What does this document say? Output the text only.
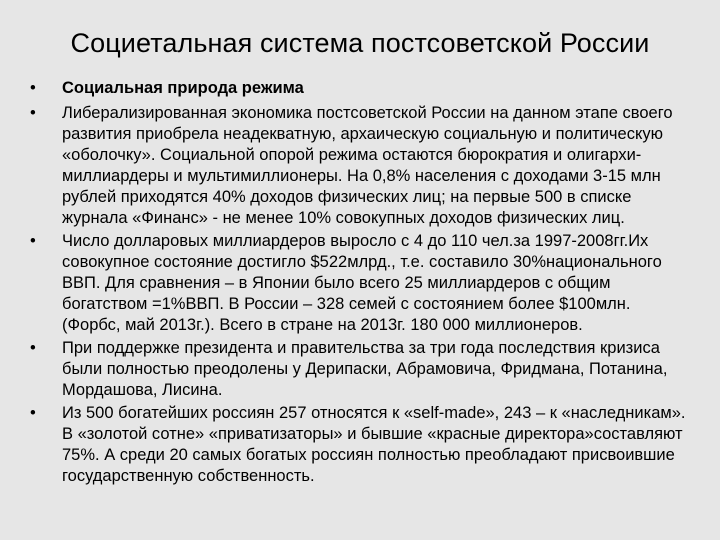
Социетальная система постсоветской России
•	Социальная природа режима
•	Либерализированная экономика постсоветской России на данном этапе своего развития приобрела неадекватную, архаическую социальную и политическую «оболочку». Социальной опорой режима остаются бюрократия и олигархи- миллиардеры и мультимиллионеры. На 0,8% населения с доходами 3-15 млн рублей приходятся 40% доходов физических лиц; на первые 500 в списке журнала «Финанс» - не менее 10% совокупных доходов физических лиц.
•	Число долларовых миллиардеров выросло с 4 до 110 чел.за 1997-2008гг.Их совокупное состояние достигло $522млрд., т.е. составило 30%национального ВВП. Для сравнения – в Японии было всего 25 миллиардеров с общим богатством =1%ВВП. В России – 328 семей с состоянием более $100млн.(Форбс, май 2013г.). Всего в стране на 2013г. 180 000 миллионеров.
•	При поддержке президента и правительства за три года последствия кризиса были полностью преодолены у Дерипаски, Абрамовича, Фридмана, Потанина, Мордашова, Лисина.
•	Из 500 богатейших россиян 257 относятся к «self-made», 243 – к «наследникам». В «золотой сотне» «приватизаторы» и бывшие «красные директора»составляют 75%. А среди 20 самых богатых россиян полностью преобладают присвоившие государственную собственность.
